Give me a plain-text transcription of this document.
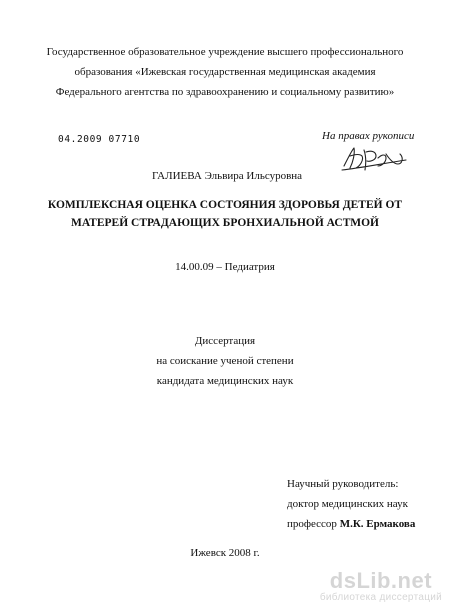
Государственное образовательное учреждение высшего профессионального
образования «Ижевская государственная медицинская академия
Федерального агентства по здравоохранению и социальному развитию»
04.2009 07710	На правах рукописи
ГАЛИЕВА Эльвира Ильсуровна
КОМПЛЕКСНАЯ ОЦЕНКА СОСТОЯНИЯ ЗДОРОВЬЯ ДЕТЕЙ ОТ
МАТЕРЕЙ СТРАДАЮЩИХ БРОНХИАЛЬНОЙ АСТМОЙ
14.00.09 – Педиатрия
Диссертация
на соискание ученой степени
кандидата медицинских наук
Научный руководитель:
доктор медицинских наук
профессор М.К. Ермакова
Ижевск 2008 г.
dsLib.net
библиотека диссертаций
